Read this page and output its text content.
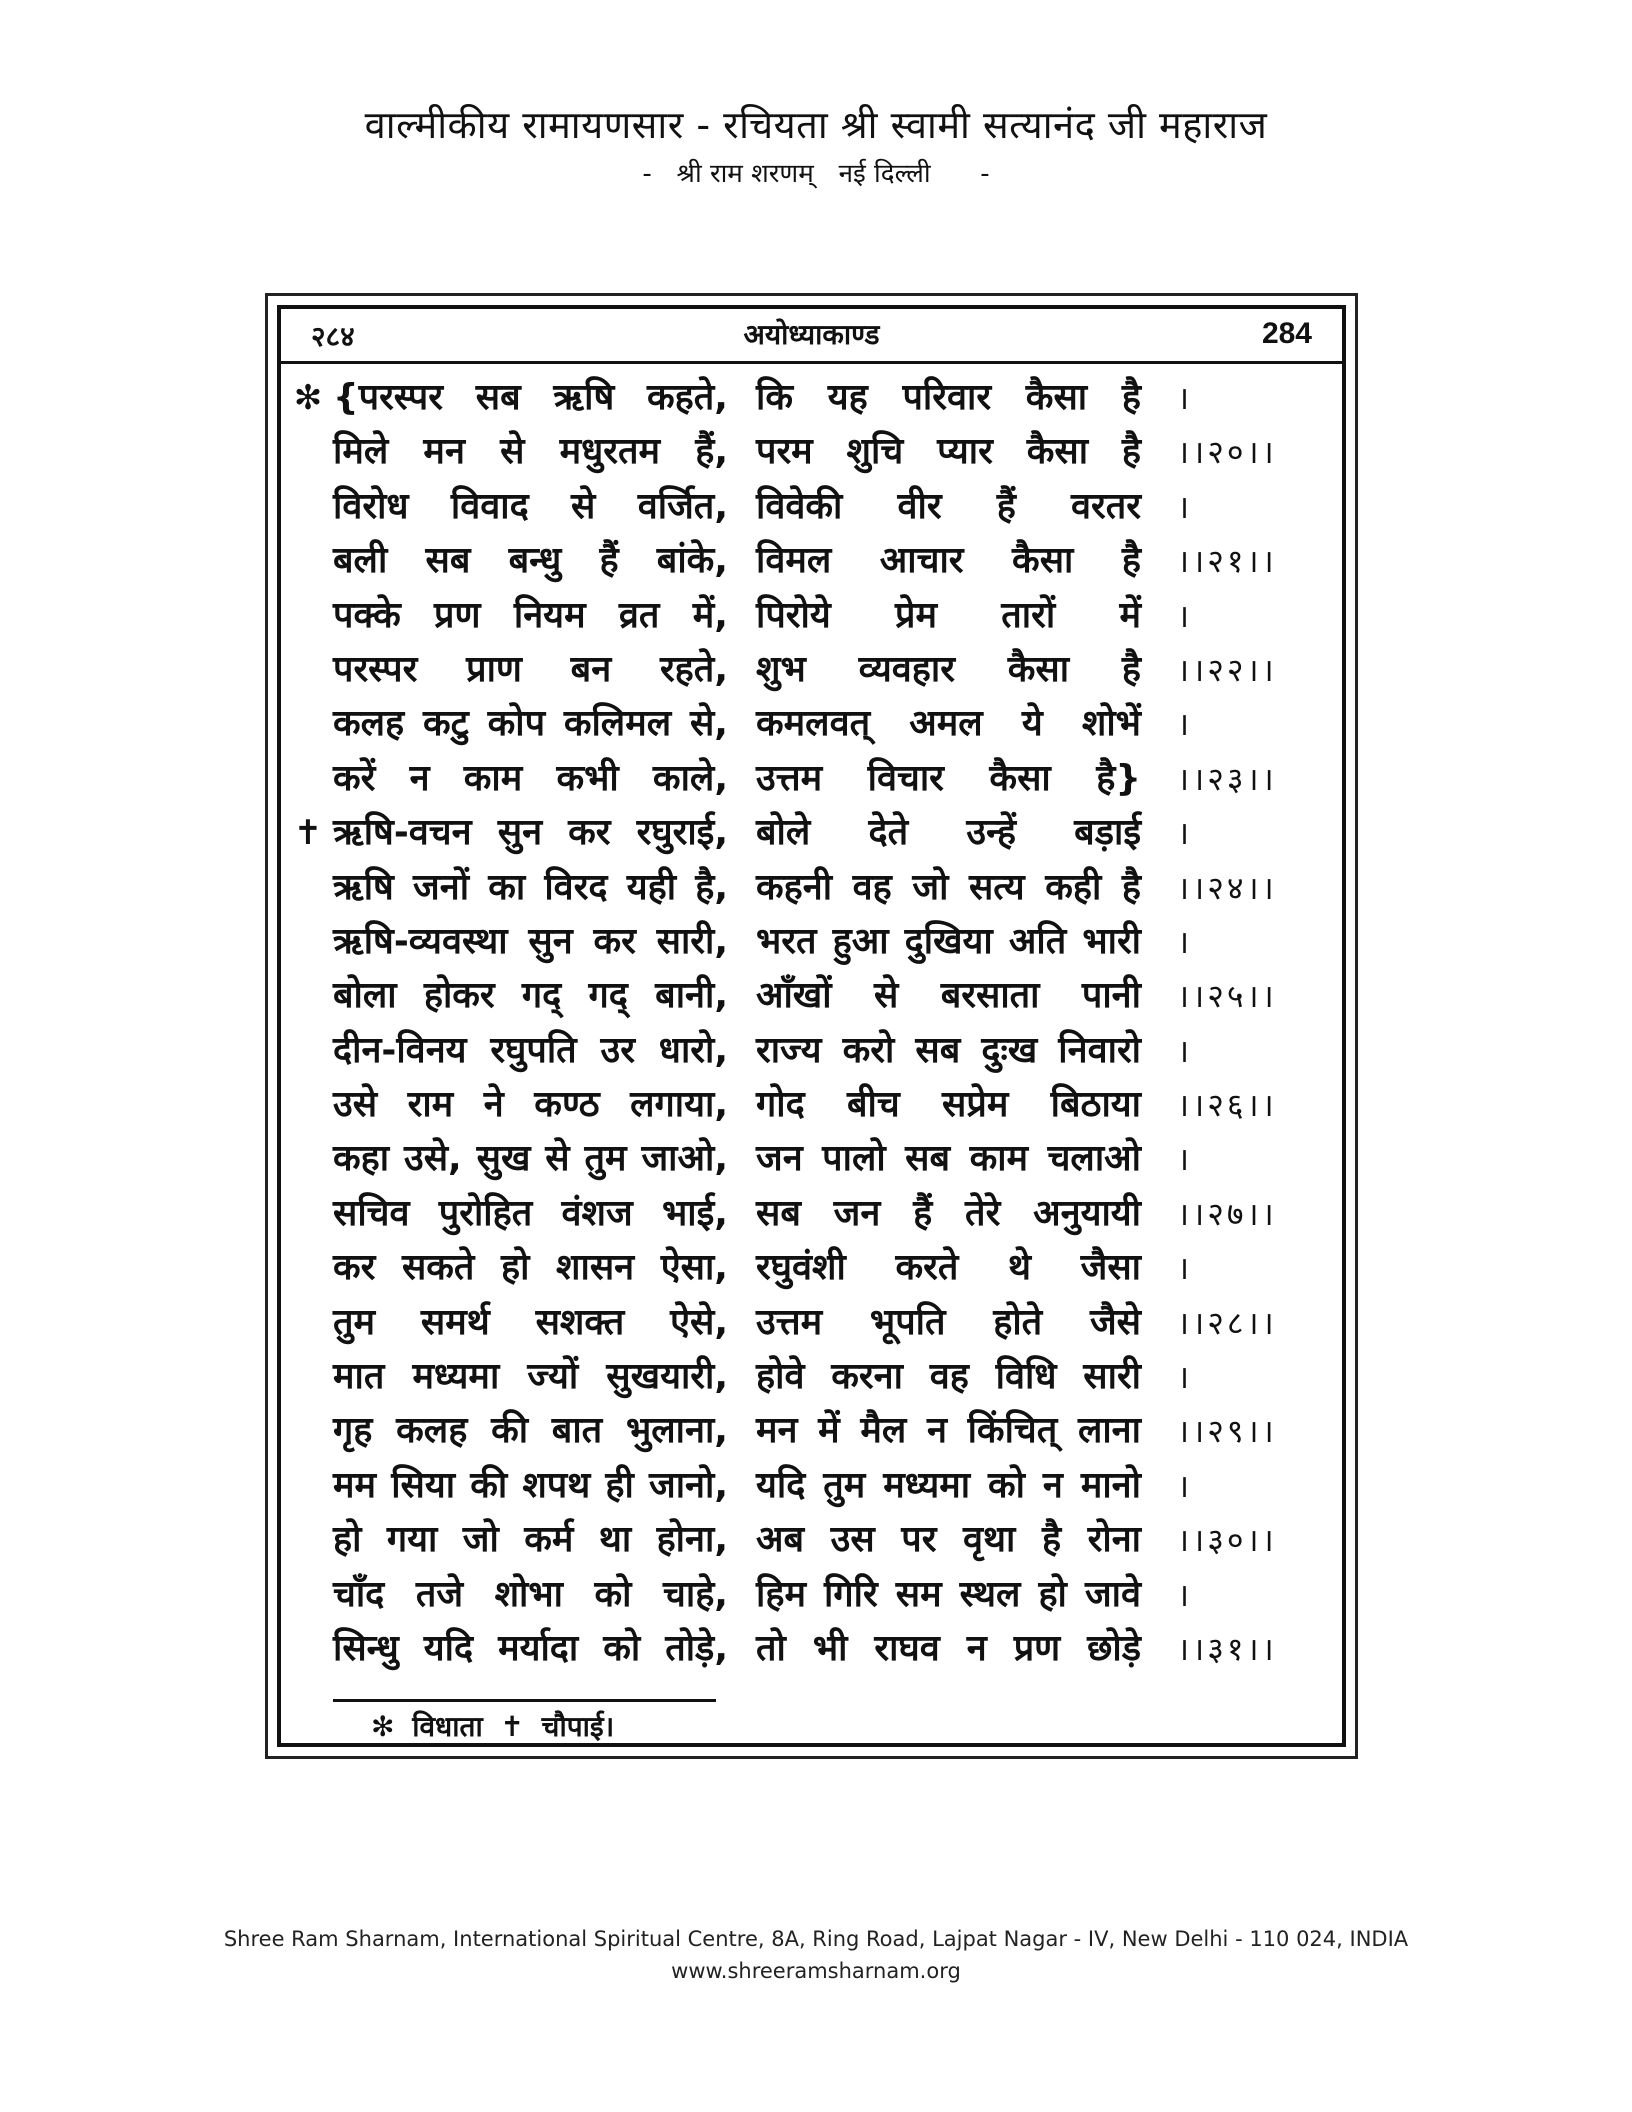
वाल्मीकीय रामायणसार - रचियता श्री स्वामी सत्यानंद जी महाराज
-   श्री राम शरणम्   नई दिल्ली      -
२८४	अयोध्याकाण्ड	284
✻ {परस्पर सब ऋषि कहते, कि यह परिवार कैसा है ।
मिले मन से मधुरतम हैं, परम शुचि प्यार कैसा है ।।२०।।
विरोध विवाद से वर्जित, विवेकी वीर हैं वरतर ।
बली सब बन्धु हैं बांके, विमल आचार कैसा है ।।२१।।
पक्के प्रण नियम व्रत में, पिरोये प्रेम तारों में ।
परस्पर प्राण बन रहते, शुभ व्यवहार कैसा है ।।२२।।
कलह कटु कोप कलिमल से, कमलवत् अमल ये शोभें ।
करें न काम कभी काले, उत्तम विचार कैसा है} ।।२३।।
✝ ऋषि-वचन सुन कर रघुराई, बोले देते उन्हें बड़ाई ।
ऋषि जनों का विरद यही है, कहनी वह जो सत्य कही है ।।२४।।
ऋषि-व्यवस्था सुन कर सारी, भरत हुआ दुखिया अति भारी ।
बोला होकर गद् गद् बानी, आँखों से बरसाता पानी ।।२५।।
दीन-विनय रघुपति उर धारो, राज्य करो सब दुःख निवारो ।
उसे राम ने कण्ठ लगाया, गोद बीच सप्रेम बिठाया ।।२६।।
कहा उसे, सुख से तुम जाओ, जन पालो सब काम चलाओ ।
सचिव पुरोहित वंशज भाई, सब जन हैं तेरे अनुयायी ।।२७।।
कर सकते हो शासन ऐसा, रघुवंशी करते थे जैसा ।
तुम समर्थ सशक्त ऐसे, उत्तम भूपति होते जैसे ।।२८।।
मात मध्यमा ज्यों सुखयारी, होवे करना वह विधि सारी ।
गृह कलह की बात भुलाना, मन में मैल न किंचित् लाना ।।२९।।
मम सिया की शपथ ही जानो, यदि तुम मध्यमा को न मानो ।
हो गया जो कर्म था होना, अब उस पर वृथा है रोना ।।३०।।
चाँद तजे शोभा को चाहे, हिम गिरि सम स्थल हो जावे ।
सिन्धु यदि मर्यादा को तोड़े, तो भी राघव न प्रण छोड़े ।।३१।।
✻ विधाता ✝ चौपाई।
Shree Ram Sharnam, International Spiritual Centre, 8A, Ring Road, Lajpat Nagar - IV, New Delhi - 110 024, INDIA
www.shreeramsharnam.org
